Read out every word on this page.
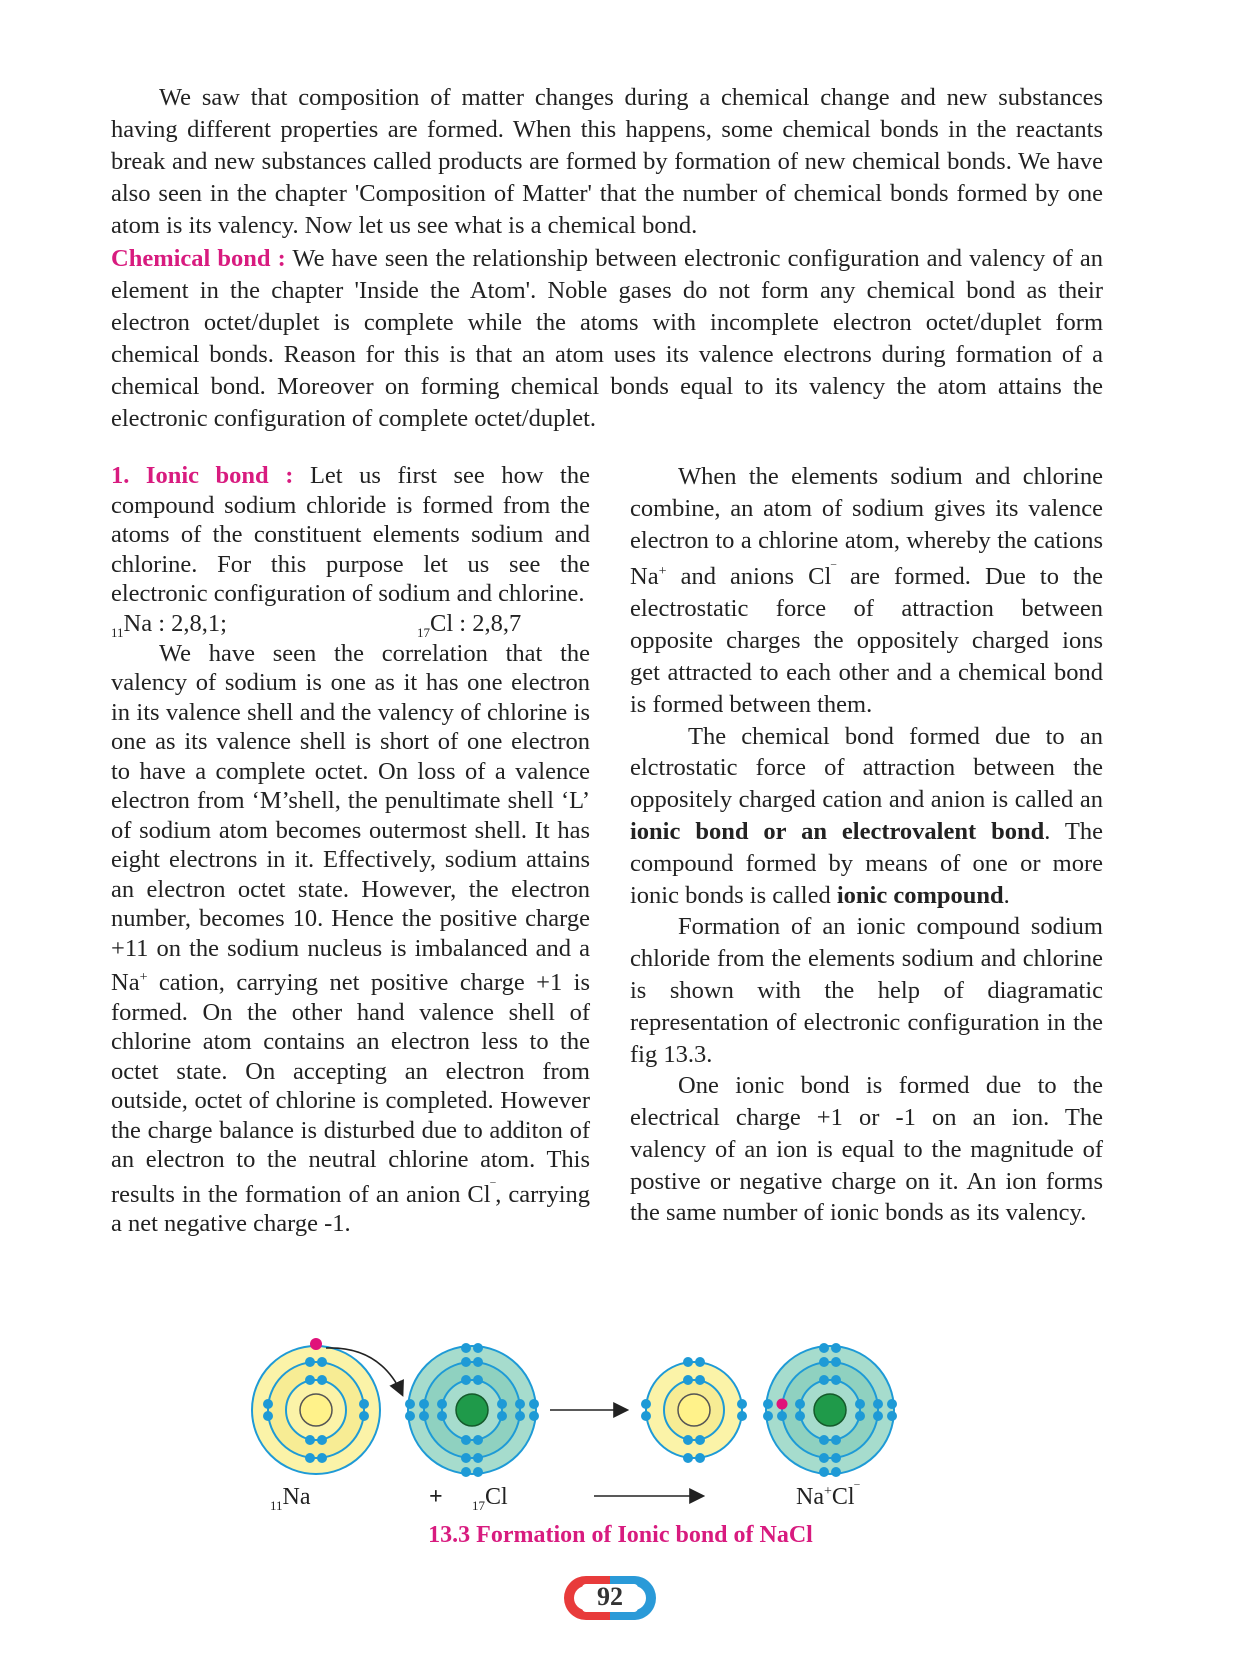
We saw that composition of matter changes during a chemical change and new substances having different properties are formed. When this happens, some chemical bonds in the reactants break and new substances called products are formed by formation of new chemical bonds. We have also seen in the chapter 'Composition of Matter' that the number of chemical bonds formed by one atom is its valency. Now let us see what is a chemical bond.

Chemical bond : We have seen the relationship between electronic configuration and valency of an element in the chapter 'Inside the Atom'. Noble gases do not form any chemical bond as their electron octet/duplet is complete while the atoms with incomplete electron octet/duplet form chemical bonds. Reason for this is that an atom uses its valence electrons during formation of a chemical bond. Moreover on forming chemical bonds equal to its valency the atom attains the electronic configuration of complete octet/duplet.

1. Ionic bond : Let us first see how the compound sodium chloride is formed from the atoms of the constituent elements sodium and chlorine. For this purpose let us see the electronic configuration of sodium and chlorine.

$_{11}$Na : 2,8,1;	$_{17}$Cl : 2,8,7

We have seen the correlation that the valency of sodium is one as it has one electron in its valence shell and the valency of chlorine is one as its valence shell is short of one electron to have a complete octet. On loss of a valence electron from ‘M’shell, the penultimate shell ‘L’ of sodium atom becomes outermost shell. It has eight electrons in it. Effectively, sodium attains an electron octet state. However, the electron number, becomes 10. Hence the positive charge +11 on the sodium nucleus is imbalanced and a Na+ cation, carrying net positive charge +1 is formed. On the other hand valence shell of chlorine atom contains an electron less to the octet state. On accepting an electron from outside, octet of chlorine is completed. However the charge balance is disturbed due to additon of an electron to the neutral chlorine atom. This results in the formation of an anion Cl‾, carrying a net negative charge -1.

When the elements sodium and chlorine combine, an atom of sodium gives its valence electron to a chlorine atom, whereby the cations Na+ and anions Cl‾ are formed. Due to the electrostatic force of attraction between opposite charges the oppositely charged ions get attracted to each other and a chemical bond is formed between them.

The chemical bond formed due to an elctrostatic force of attraction between the oppositely charged cation and anion is called an ionic bond or an electrovalent bond. The compound formed by means of one or more ionic bonds is called ionic compound.

Formation of an ionic compound sodium chloride from the elements sodium and chlorine is shown with the help of diagramatic representation of electronic configuration in the fig 13.3.

One ionic bond is formed due to the electrical charge +1 or -1 on an ion. The valency of an ion is equal to the magnitude of postive or negative charge on it. An ion forms the same number of ionic bonds as its valency.

$_{11}$Na	+ $_{17}$Cl	Na+Cl‾
13.3 Formation of Ionic bond of NaCl
92
